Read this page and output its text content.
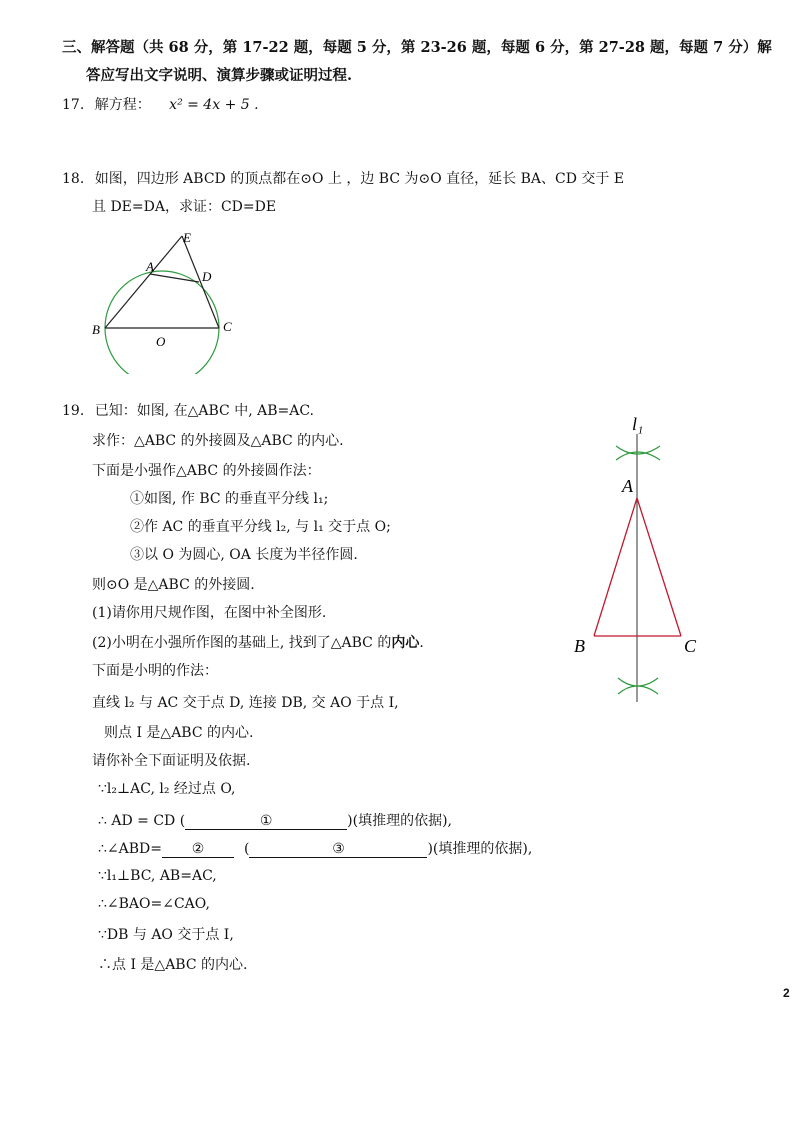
三、解答题（共 68 分，第 17-22 题，每题 5 分，第 23-26 题，每题 6 分，第 27-28 题，每题 7 分）解
答应写出文字说明、演算步骤或证明过程.
17. 解方程： x² = 4x + 5 .
18. 如图，四边形 ABCD 的顶点都在⊙O 上 ，边 BC 为⊙O 直径，延长 BA、CD 交于 E
且 DE=DA，求证：CD=DE
E
A
D
B	C
O
19. 已知：如图, 在△ABC 中, AB=AC.
求作：△ABC 的外接圆及△ABC 的内心.
下面是小强作△ABC 的外接圆作法：
①如图, 作 BC 的垂直平分线 l₁;
②作 AC 的垂直平分线 l₂, 与 l₁ 交于点 O;
③以 O 为圆心, OA 长度为半径作圆.
则⊙O 是△ABC 的外接圆.
(1)请你用尺规作图，在图中补全图形.
(2)小明在小强所作图的基础上, 找到了△ABC 的内心.
下面是小明的作法：
直线 l₂ 与 AC 交于点 D, 连接 DB, 交 AO 于点 I,
则点 I 是△ABC 的内心.
请你补全下面证明及依据.
∵l₂⊥AC, l₂ 经过点 O,
∴ AD = CD (	①	)(填推理的依据),
∴∠ABD= ②	(	③	)(填推理的依据),
∵l₁⊥BC, AB=AC,
∴∠BAO=∠CAO,
∵DB 与 AO 交于点 I,
∴点 I 是△ABC 的内心.
l₁
A
B	C
2
